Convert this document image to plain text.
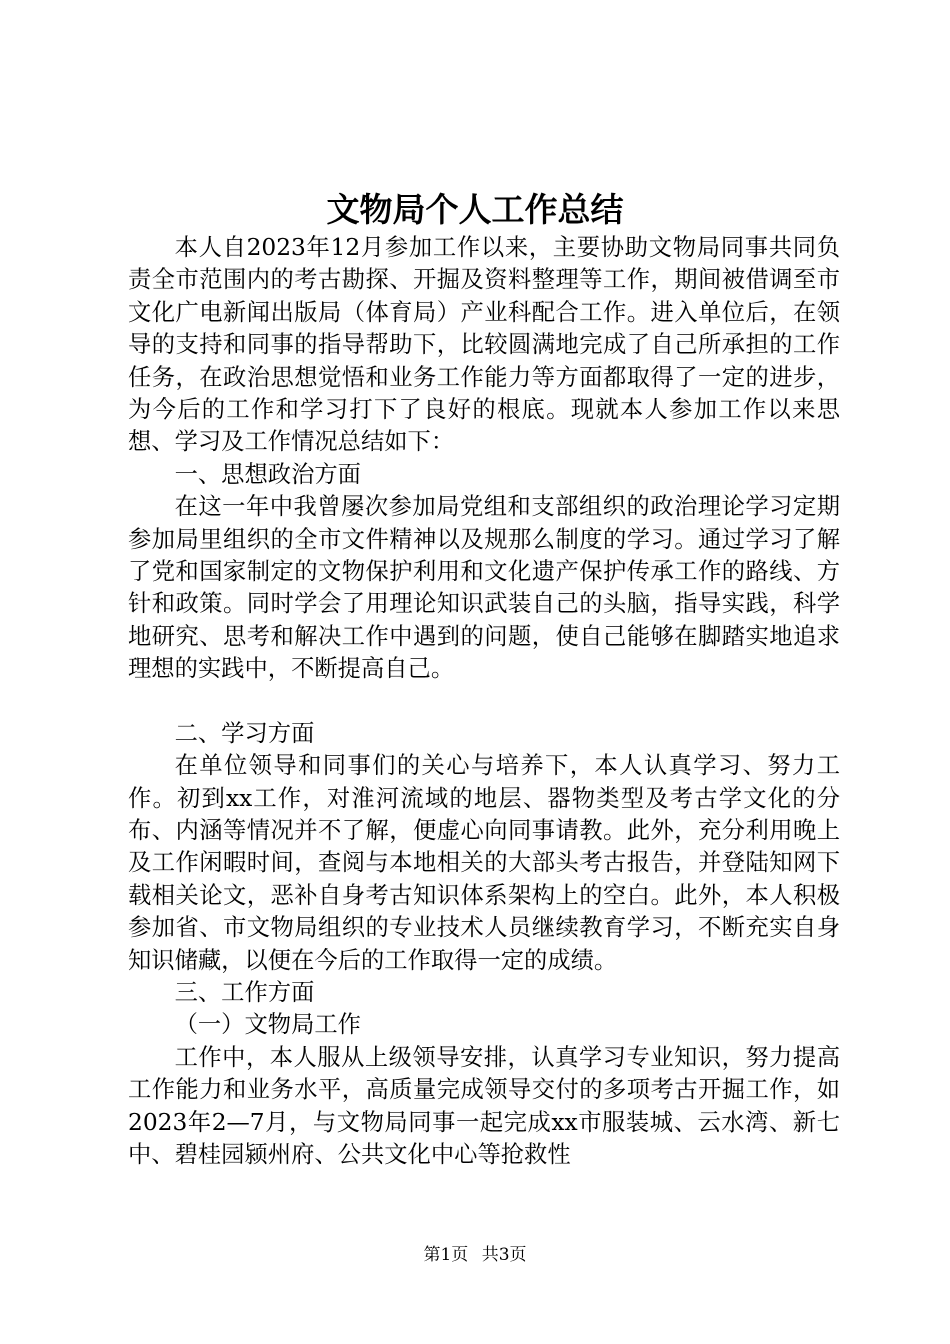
文物局个人工作总结

本人自2023年12月参加工作以来，主要协助文物局同事共同负责全市范围内的考古勘探、开掘及资料整理等工作，期间被借调至市文化广电新闻出版局（体育局）产业科配合工作。进入单位后，在领导的支持和同事的指导帮助下，比较圆满地完成了自己所承担的工作任务，在政治思想觉悟和业务工作能力等方面都取得了一定的进步，为今后的工作和学习打下了良好的根底。现就本人参加工作以来思想、学习及工作情况总结如下：

一、思想政治方面

在这一年中我曾屡次参加局党组和支部组织的政治理论学习定期参加局里组织的全市文件精神以及规那么制度的学习。通过学习了解了党和国家制定的文物保护利用和文化遗产保护传承工作的路线、方针和政策。同时学会了用理论知识武装自己的头脑，指导实践，科学地研究、思考和解决工作中遇到的问题，使自己能够在脚踏实地追求理想的实践中，不断提高自己。

二、学习方面

在单位领导和同事们的关心与培养下，本人认真学习、努力工作。初到xx工作，对淮河流域的地层、器物类型及考古学文化的分布、内涵等情况并不了解，便虚心向同事请教。此外，充分利用晚上及工作闲暇时间，查阅与本地相关的大部头考古报告，并登陆知网下载相关论文，恶补自身考古知识体系架构上的空白。此外，本人积极参加省、市文物局组织的专业技术人员继续教育学习，不断充实自身知识储藏，以便在今后的工作取得一定的成绩。

三、工作方面

（一）文物局工作

工作中，本人服从上级领导安排，认真学习专业知识，努力提高工作能力和业务水平，高质量完成领导交付的多项考古开掘工作，如2023年2—7月，与文物局同事一起完成xx市服装城、云水湾、新七中、碧桂园颍州府、公共文化中心等抢救性

第1页 共3页
